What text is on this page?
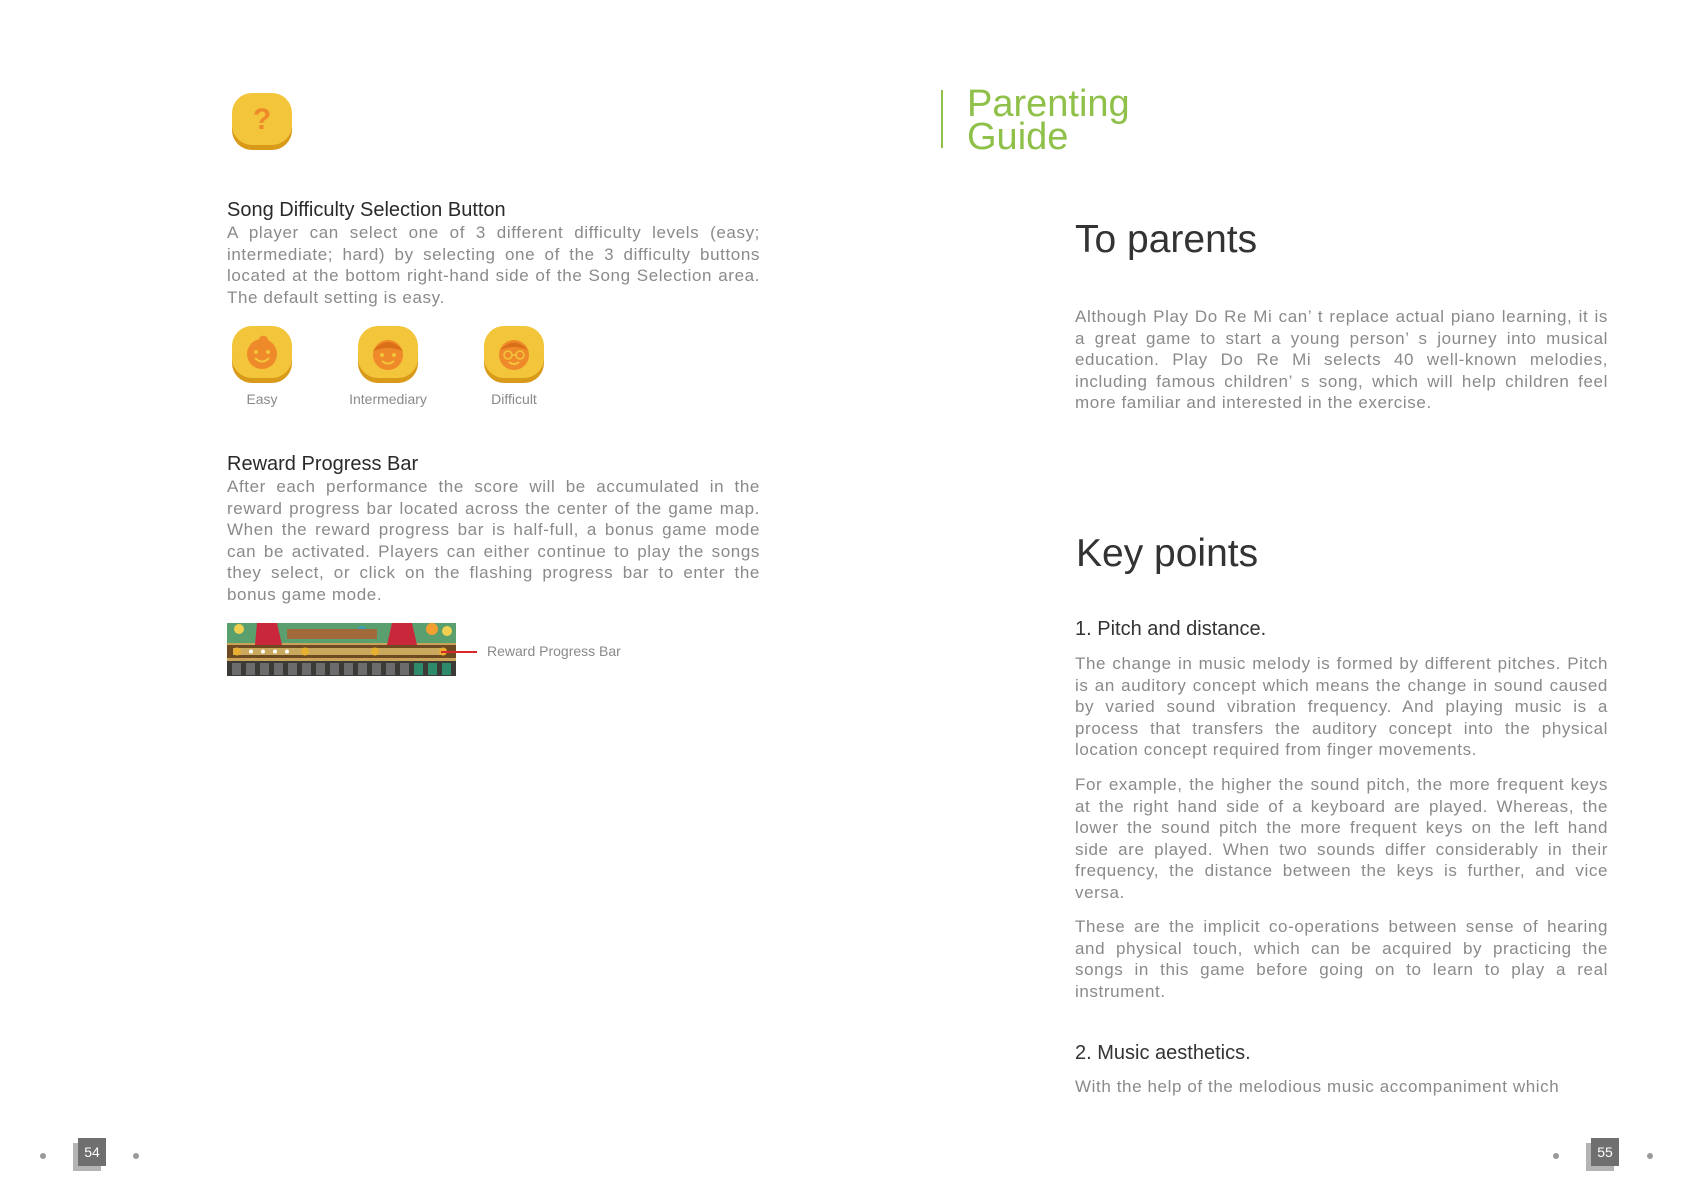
?
Song Difficulty Selection Button
A player can select one of 3 different difficulty levels (easy; intermediate; hard) by selecting one of the 3 difficulty buttons located at the bottom right-hand side of the Song Selection area. The default setting is easy.
Easy	Intermediary	Difficult
Reward Progress Bar
After each performance the score will be accumulated in the reward progress bar located across the center of the game map. When the reward progress bar is half-full, a bonus game mode can be activated. Players can either continue to play the songs they select, or click on the flashing progress bar to enter the bonus game mode.
Reward Progress Bar
54
Parenting
Guide
To parents
Although Play Do Re Mi can’ t replace actual piano learning, it is a great game to start a young person’ s journey into musical education. Play Do Re Mi selects 40 well-known melodies, including famous children’ s song, which will help children feel more familiar and interested in the exercise.
Key points
1. Pitch and distance.
The change in music melody is formed by different pitches. Pitch is an auditory concept which means the change in sound caused by varied sound vibration frequency. And playing music is a process that transfers the auditory concept into the physical location concept required from finger movements.
For example, the higher the sound pitch, the more frequent keys at the right hand side of a keyboard are played. Whereas, the lower the sound pitch the more frequent keys on the left hand side are played. When two sounds differ considerably in their frequency, the distance between the keys is further, and vice versa.
These are the implicit co-operations between sense of hearing and physical touch, which can be acquired by practicing the songs in this game before going on to learn to play a real instrument.
2. Music aesthetics.
With the help of the melodious music accompaniment which
55
